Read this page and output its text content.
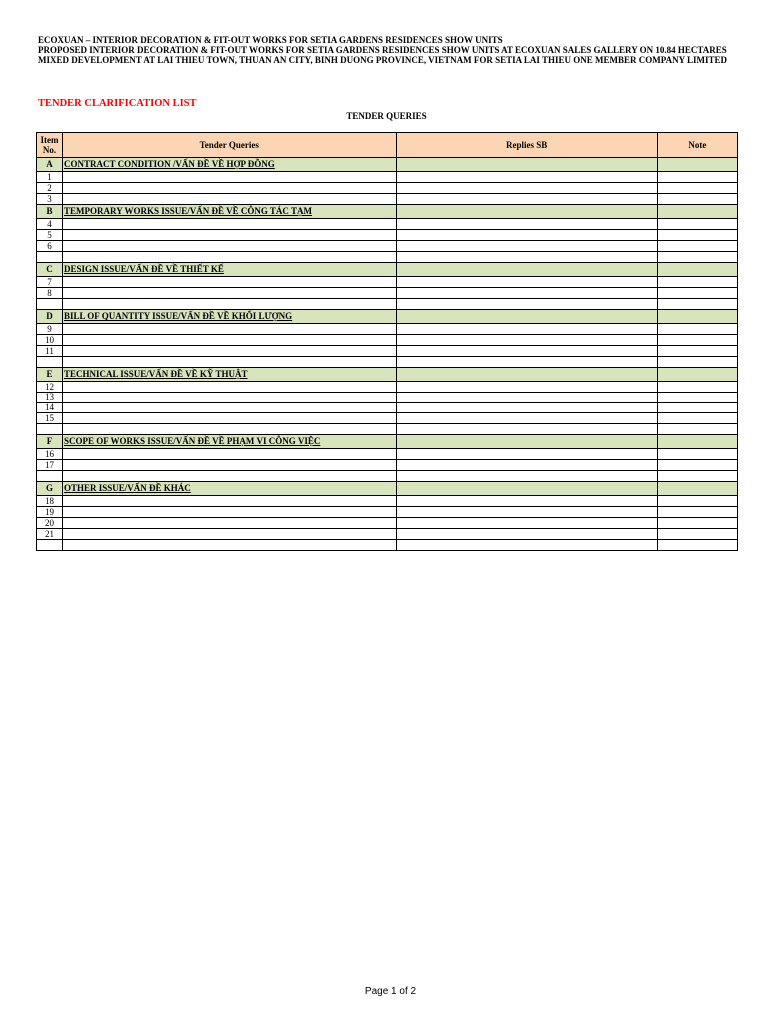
ECOXUAN – INTERIOR DECORATION & FIT-OUT WORKS FOR SETIA GARDENS RESIDENCES SHOW UNITS
PROPOSED INTERIOR DECORATION & FIT-OUT WORKS FOR SETIA GARDENS RESIDENCES SHOW UNITS AT ECOXUAN SALES GALLERY ON 10.84 HECTARES MIXED DEVELOPMENT AT LAI THIEU TOWN, THUAN AN CITY, BINH DUONG PROVINCE, VIETNAM FOR SETIA LAI THIEU ONE MEMBER COMPANY LIMITED
TENDER CLARIFICATION LIST
TENDER QUERIES
Item No.	Tender Queries	Replies SB	Note
A	CONTRACT CONDITION /VẤN ĐỀ VỀ HỢP ĐỒNG		
1			
2			
3			
B	TEMPORARY WORKS ISSUE/VẤN ĐỀ VỀ CÔNG TÁC TẠM		
4			
5			
6			

C	DESIGN ISSUE/VẤN ĐỀ VỀ THIẾT KẾ		
7			
8			

D	BILL OF QUANTITY ISSUE/VẤN ĐỀ VỀ KHỐI LƯỢNG		
9			
10			
11			

E	TECHNICAL ISSUE/VẤN ĐỀ VỀ KỸ THUẬT		
12			
13			
14			
15			

F	SCOPE OF WORKS ISSUE/VẤN ĐỀ VỀ PHẠM VI CÔNG VIỆC		
16			
17			

G	OTHER ISSUE/VẤN ĐỀ KHÁC		
18			
19			
20			
21			

Page 1 of 2
